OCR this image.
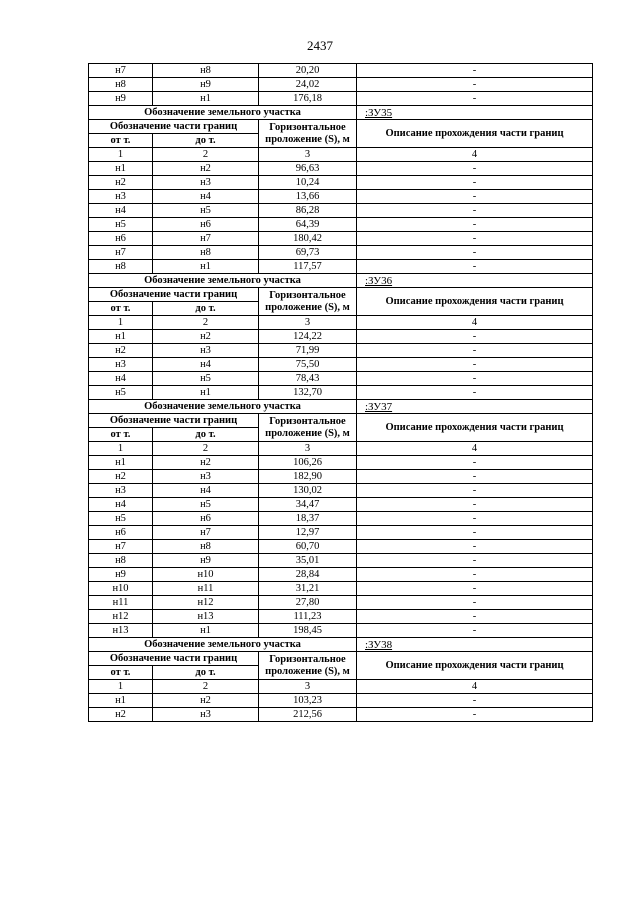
2437
н7	н8	20,20	-
н8	н9	24,02	-
н9	н1	176,18	-
Обозначение земельного участка			:ЗУ35
Обозначение части границ		Горизонтальное проложение (S), м	Описание прохождения части границ
от т.	до т.		
1	2	3	4
н1	н2	96,63	-
н2	н3	10,24	-
н3	н4	13,66	-
н4	н5	86,28	-
н5	н6	64,39	-
н6	н7	180,42	-
н7	н8	69,73	-
н8	н1	117,57	-
Обозначение земельного участка			:ЗУ36
Обозначение части границ		Горизонтальное проложение (S), м	Описание прохождения части границ
от т.	до т.		
1	2	3	4
н1	н2	124,22	-
н2	н3	71,99	-
н3	н4	75,50	-
н4	н5	78,43	-
н5	н1	132,70	-
Обозначение земельного участка			:ЗУ37
Обозначение части границ		Горизонтальное проложение (S), м	Описание прохождения части границ
от т.	до т.		
1	2	3	4
н1	н2	106,26	-
н2	н3	182,90	-
н3	н4	130,02	-
н4	н5	34,47	-
н5	н6	18,37	-
н6	н7	12,97	-
н7	н8	60,70	-
н8	н9	35,01	-
н9	н10	28,84	-
н10	н11	31,21	-
н11	н12	27,80	-
н12	н13	111,23	-
н13	н1	198,45	-
Обозначение земельного участка			:ЗУ38
Обозначение части границ		Горизонтальное проложение (S), м	Описание прохождения части границ
от т.	до т.		
1	2	3	4
н1	н2	103,23	-
н2	н3	212,56	-
